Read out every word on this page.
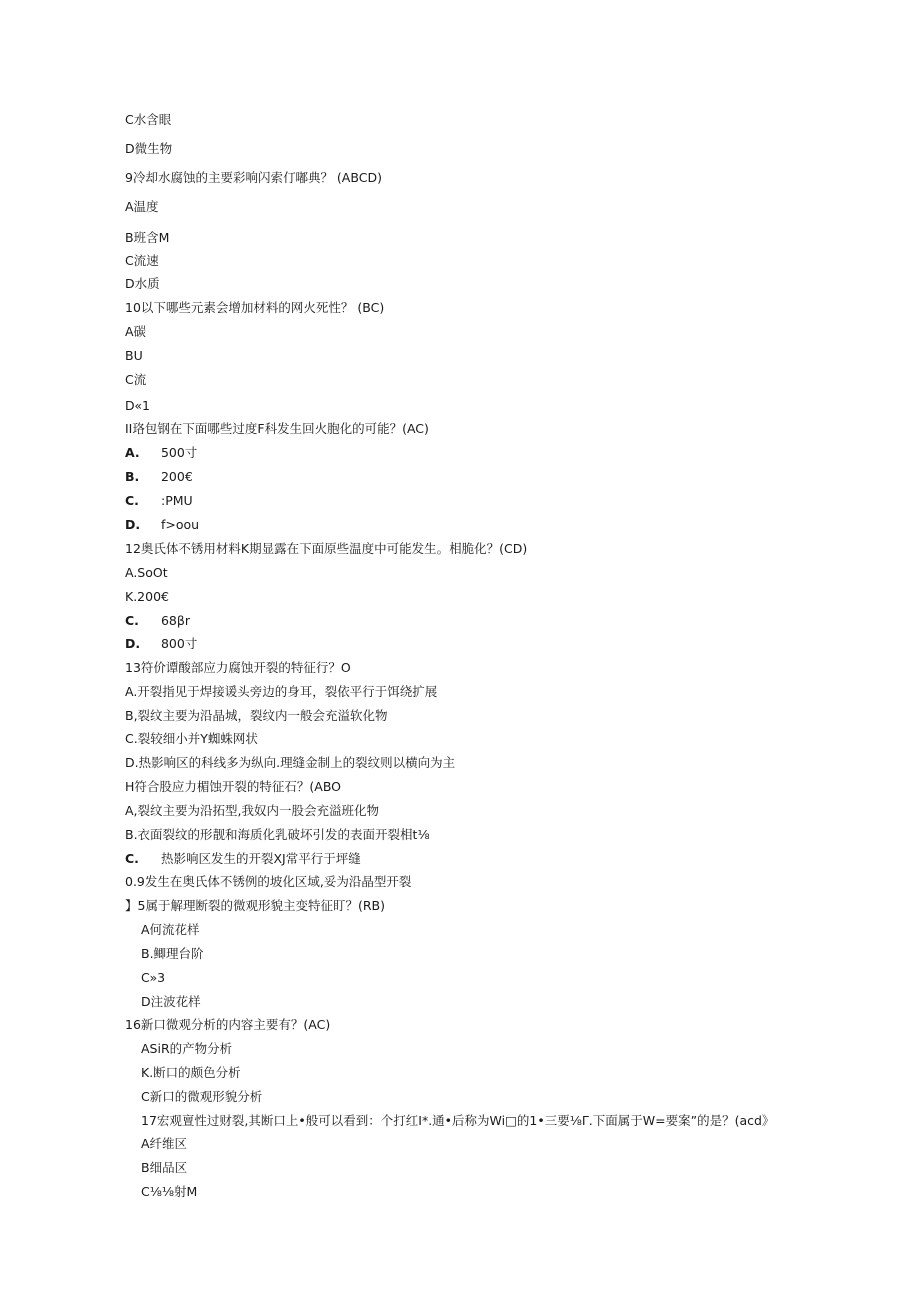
C水含眼
D微生物
9冷却水腐蚀的主要彩响闪索仃嘟典？ (ABCD)
A温度
B班含M
C流速
D水质
10以下哪些元素会增加材料的网火死性？ (BC)
A碳
BU
C流
D«1
II珞包钢在下面哪些过度F科发生回火胞化的可能？(AC)
A. 500寸
B. 200€
C. :PMU
D. f>oou
12奥氏体不锈用材料K期显露在下面原些温度中可能发生。相脆化？(CD)
A.SoOt
K.200€
C. 68βr
D. 800寸
13符价谭酸部应力腐蚀开裂的特征行？O
A.开裂指见于焊接谖头旁边的身耳，裂依平行于饵绕扩展
B,裂纹主要为沿晶城，裂纹内一般会充溢软化物
C.裂较细小并Y蜘蛛网状
D.热影响区的科线多为纵向.理缝金制上的裂纹则以横向为主
H符合股应力楣蚀开裂的特征石？(ABO
A,裂纹主要为沿拓型,我奴内一股会充溢班化物
B.衣面裂纹的形靓和海质化乳破坏引发的表面开裂相t⅛
C. 热影响区发生的开裂XJ常平行于坪缝
0.9发生在奥氏体不锈例的坡化区域,妥为沿晶型开裂
】5属于解理断裂的微观形貌主变特征盯？(RB)
A何流花样
B.鲫理台阶
C»3
D注波花样
16新口微观分析的内容主要有？(AC)
ASiR的产物分析
K.断口的颇色分析
C新口的微观形貌分析
17宏观亶性过财裂,其断口上•般可以看到：个打红I*.通•后称为Wi□的1•三要⅛Γ.下面属于W=要案”的是？(acd》
A纤维区
B细品区
C⅛⅛射M
